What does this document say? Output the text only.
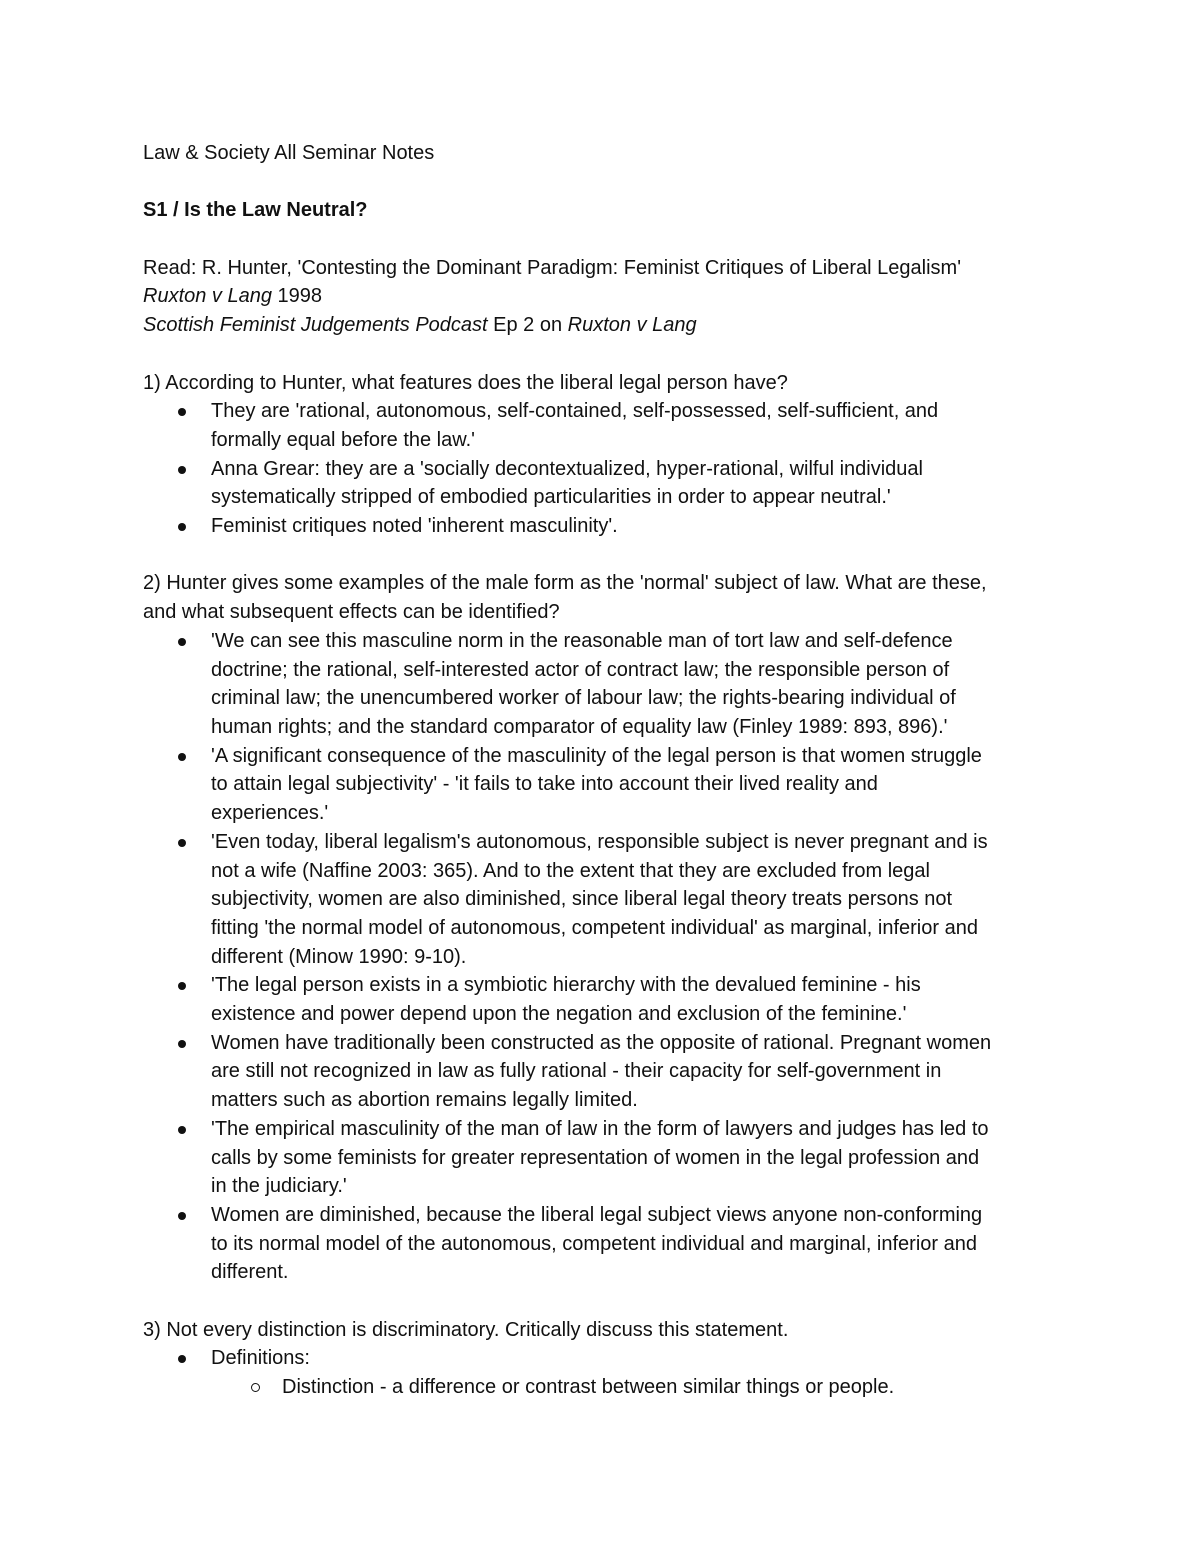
Law & Society All Seminar Notes
S1 / Is the Law Neutral?
Read: R. Hunter, 'Contesting the Dominant Paradigm: Feminist Critiques of Liberal Legalism'
Ruxton v Lang 1998
Scottish Feminist Judgements Podcast Ep 2 on Ruxton v Lang
1) According to Hunter, what features does the liberal legal person have?
They are 'rational, autonomous, self-contained, self-possessed, self-sufficient, and
formally equal before the law.'
Anna Grear: they are a 'socially decontextualized, hyper-rational, wilful individual
systematically stripped of embodied particularities in order to appear neutral.'
Feminist critiques noted 'inherent masculinity'.
2) Hunter gives some examples of the male form as the 'normal' subject of law. What are these,
and what subsequent effects can be identified?
'We can see this masculine norm in the reasonable man of tort law and self-defence
doctrine; the rational, self-interested actor of contract law; the responsible person of
criminal law; the unencumbered worker of labour law; the rights-bearing individual of
human rights; and the standard comparator of equality law (Finley 1989: 893, 896).'
'A significant consequence of the masculinity of the legal person is that women struggle
to attain legal subjectivity' - 'it fails to take into account their lived reality and
experiences.'
'Even today, liberal legalism's autonomous, responsible subject is never pregnant and is
not a wife (Naffine 2003: 365). And to the extent that they are excluded from legal
subjectivity, women are also diminished, since liberal legal theory treats persons not
fitting 'the normal model of autonomous, competent individual' as marginal, inferior and
different (Minow 1990: 9-10).
'The legal person exists in a symbiotic hierarchy with the devalued feminine - his
existence and power depend upon the negation and exclusion of the feminine.'
Women have traditionally been constructed as the opposite of rational. Pregnant women
are still not recognized in law as fully rational - their capacity for self-government in
matters such as abortion remains legally limited.
'The empirical masculinity of the man of law in the form of lawyers and judges has led to
calls by some feminists for greater representation of women in the legal profession and
in the judiciary.'
Women are diminished, because the liberal legal subject views anyone non-conforming
to its normal model of the autonomous, competent individual and marginal, inferior and
different.
3) Not every distinction is discriminatory. Critically discuss this statement.
Definitions:
Distinction - a difference or contrast between similar things or people.
